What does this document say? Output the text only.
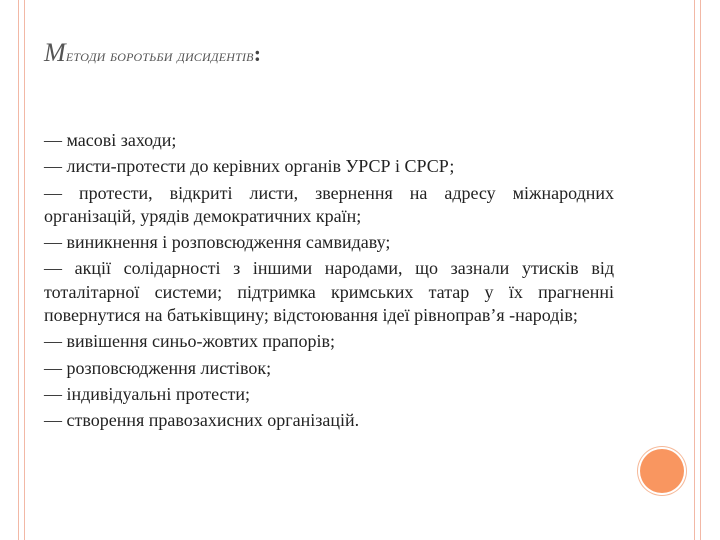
Методи боротьби дисидентів:

— масові заходи;

— листи-протести до керівних органів УРСР і СРСР;

— протести, відкриті листи, звернення на адресу міжнародних організацій, урядів демократичних країн;

— виникнення і розповсюдження самвидаву;

— акції солідарності з іншими народами, що зазнали утисків від тоталітарної системи; підтримка кримських татар у їх прагненні повернутися на батьківщину; відстоювання ідеї рівноправ’я -народів;

— вивішення синьо-жовтих прапорів;

— розповсюдження листівок;

— індивідуальні протести;

— створення правозахисних організацій.
